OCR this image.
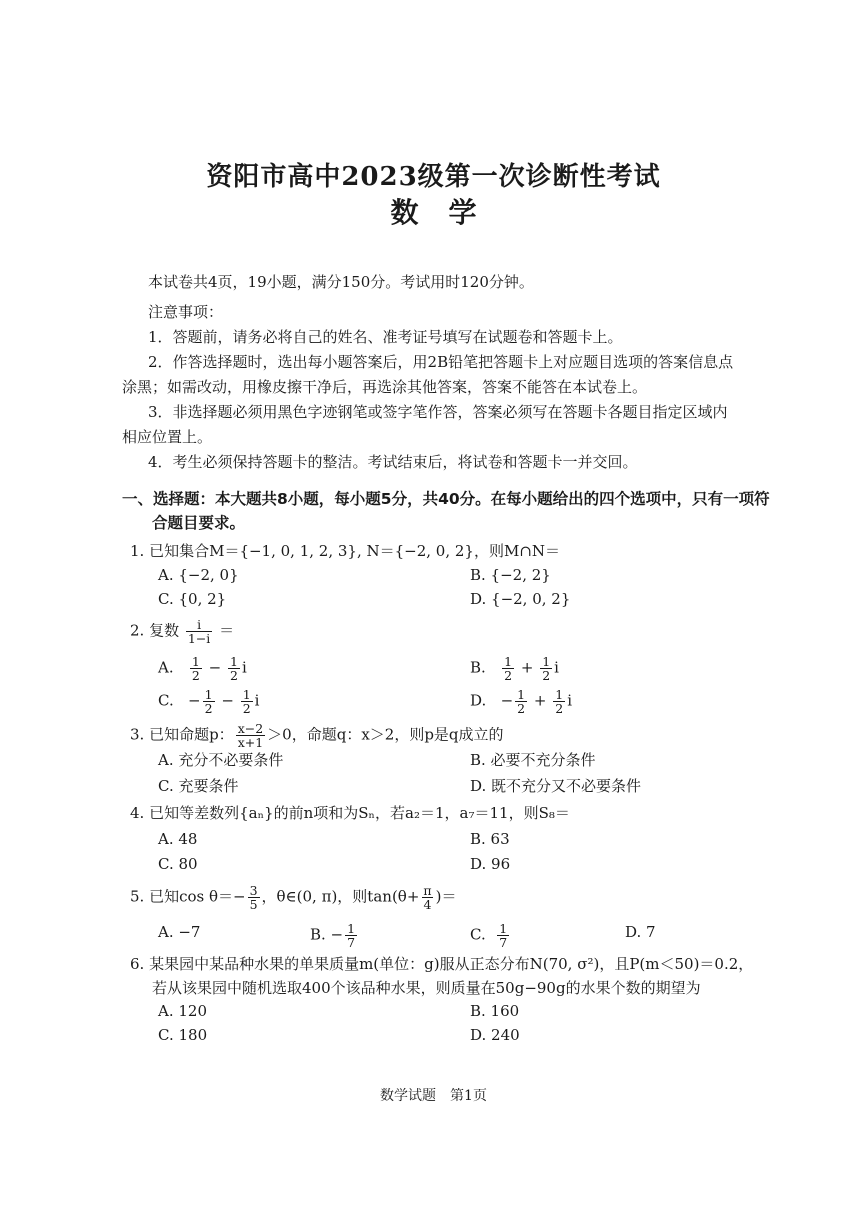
资阳市高中2023级第一次诊断性考试
数学
本试卷共4页，19小题，满分150分。考试用时120分钟。
注意事项：
1．答题前，请务必将自己的姓名、准考证号填写在试题卷和答题卡上。
2．作答选择题时，选出每小题答案后，用2B铅笔把答题卡上对应题目选项的答案信息点
涂黑；如需改动，用橡皮擦干净后，再选涂其他答案，答案不能答在本试卷上。
3．非选择题必须用黑色字迹钢笔或签字笔作答，答案必须写在答题卡各题目指定区域内
相应位置上。
4．考生必须保持答题卡的整洁。考试结束后，将试卷和答题卡一并交回。
一、选择题：本大题共8小题，每小题5分，共40分。在每小题给出的四个选项中，只有一项符
合题目要求。
1. 已知集合M＝{−1, 0, 1, 2, 3}, N＝{−2, 0, 2}，则M∩N＝
A. {−2, 0}	B. {−2, 2}
C. {0, 2}	D. {−2, 0, 2}
2. 复数 $\frac{i}{1-i}$ ＝
A. $\frac{1}{2} - \frac{1}{2}$ i	B. $\frac{1}{2} + \frac{1}{2}$ i
C. − $\frac{1}{2} - \frac{1}{2}$ i	D. − $\frac{1}{2} + \frac{1}{2}$ i
3. 已知命题p： $\frac{x-2}{x+1} >0$，命题q：x＞2，则p是q成立的
A. 充分不必要条件	B. 必要不充分条件
C. 充要条件	D. 既不充分又不必要条件
4. 已知等差数列{aₙ}的前n项和为Sₙ，若a₂＝1，a₇＝11，则S₈＝
A. 48	B. 63
C. 80	D. 96
5. 已知$\cos \theta=- \frac{3}{5}$ ，θ∈(0, π)，则$\tan(\theta+ \frac{\pi}{4}$ )＝
A. −7	B. − $\frac{1}{7}$	C. $\frac{1}{7}$	D. 7
6. 某果园中某品种水果的单果质量m(单位：g)服从正态分布N(70, σ²)，且P(m＜50)＝0.2，
若从该果园中随机选取400个该品种水果，则质量在50g−90g的水果个数的期望为
A. 120	B. 160
C. 180	D. 240
数学试题　第1页
